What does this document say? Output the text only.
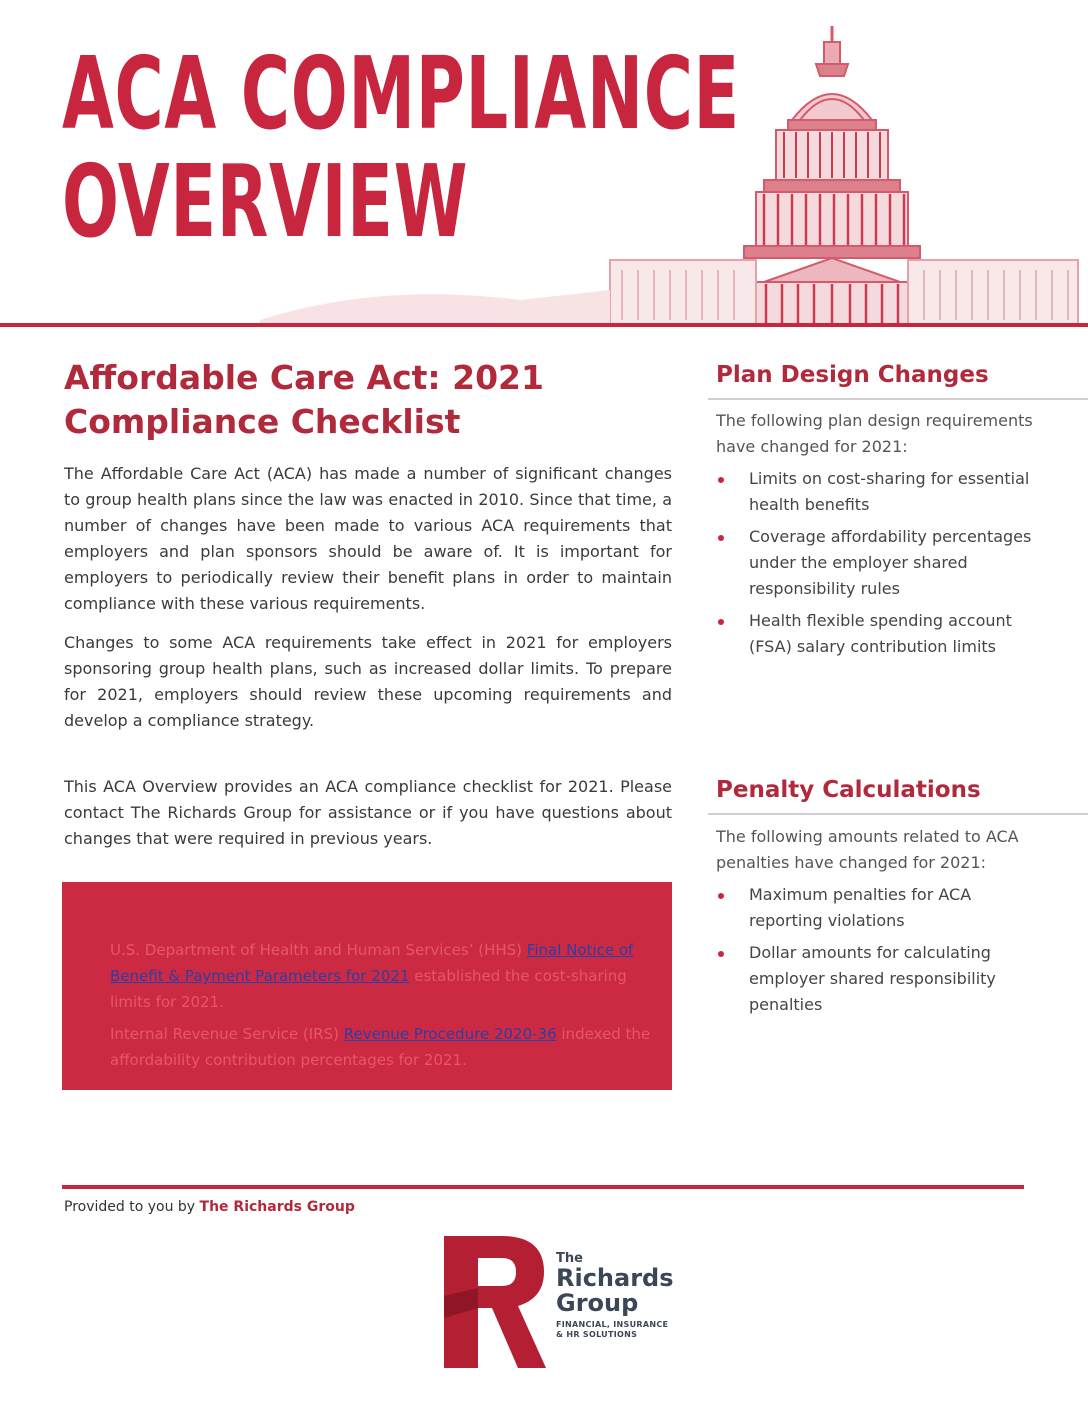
ACA COMPLIANCE
OVERVIEW
Affordable Care Act: 2021
Compliance Checklist

The Affordable Care Act (ACA) has made a number of significant changes to group health plans since the law was enacted in 2010. Since that time, a number of changes have been made to various ACA requirements that employers and plan sponsors should be aware of. It is important for employers to periodically review their benefit plans in order to maintain compliance with these various requirements.

Changes to some ACA requirements take effect in 2021 for employers sponsoring group health plans, such as increased dollar limits. To prepare for 2021, employers should review these upcoming requirements and develop a compliance strategy.

This ACA Overview provides an ACA compliance checklist for 2021. Please contact The Richards Group for assistance or if you have questions about changes that were required in previous years.

U.S. Department of Health and Human Services’ (HHS) Final Notice of Benefit & Payment Parameters for 2021 established the cost-sharing limits for 2021.

Internal Revenue Service (IRS) Revenue Procedure 2020-36 indexed the affordability contribution percentages for 2021.

Plan Design Changes

The following plan design requirements have changed for 2021:

Limits on cost-sharing for essential health benefits
Coverage affordability percentages under the employer shared responsibility rules
Health flexible spending account (FSA) salary contribution limits
Penalty Calculations

The following amounts related to ACA penalties have changed for 2021:

Maximum penalties for ACA reporting violations
Dollar amounts for calculating employer shared responsibility penalties

Provided to you by The Richards Group

The
Richards
Group
FINANCIAL, INSURANCE
& HR SOLUTIONS
